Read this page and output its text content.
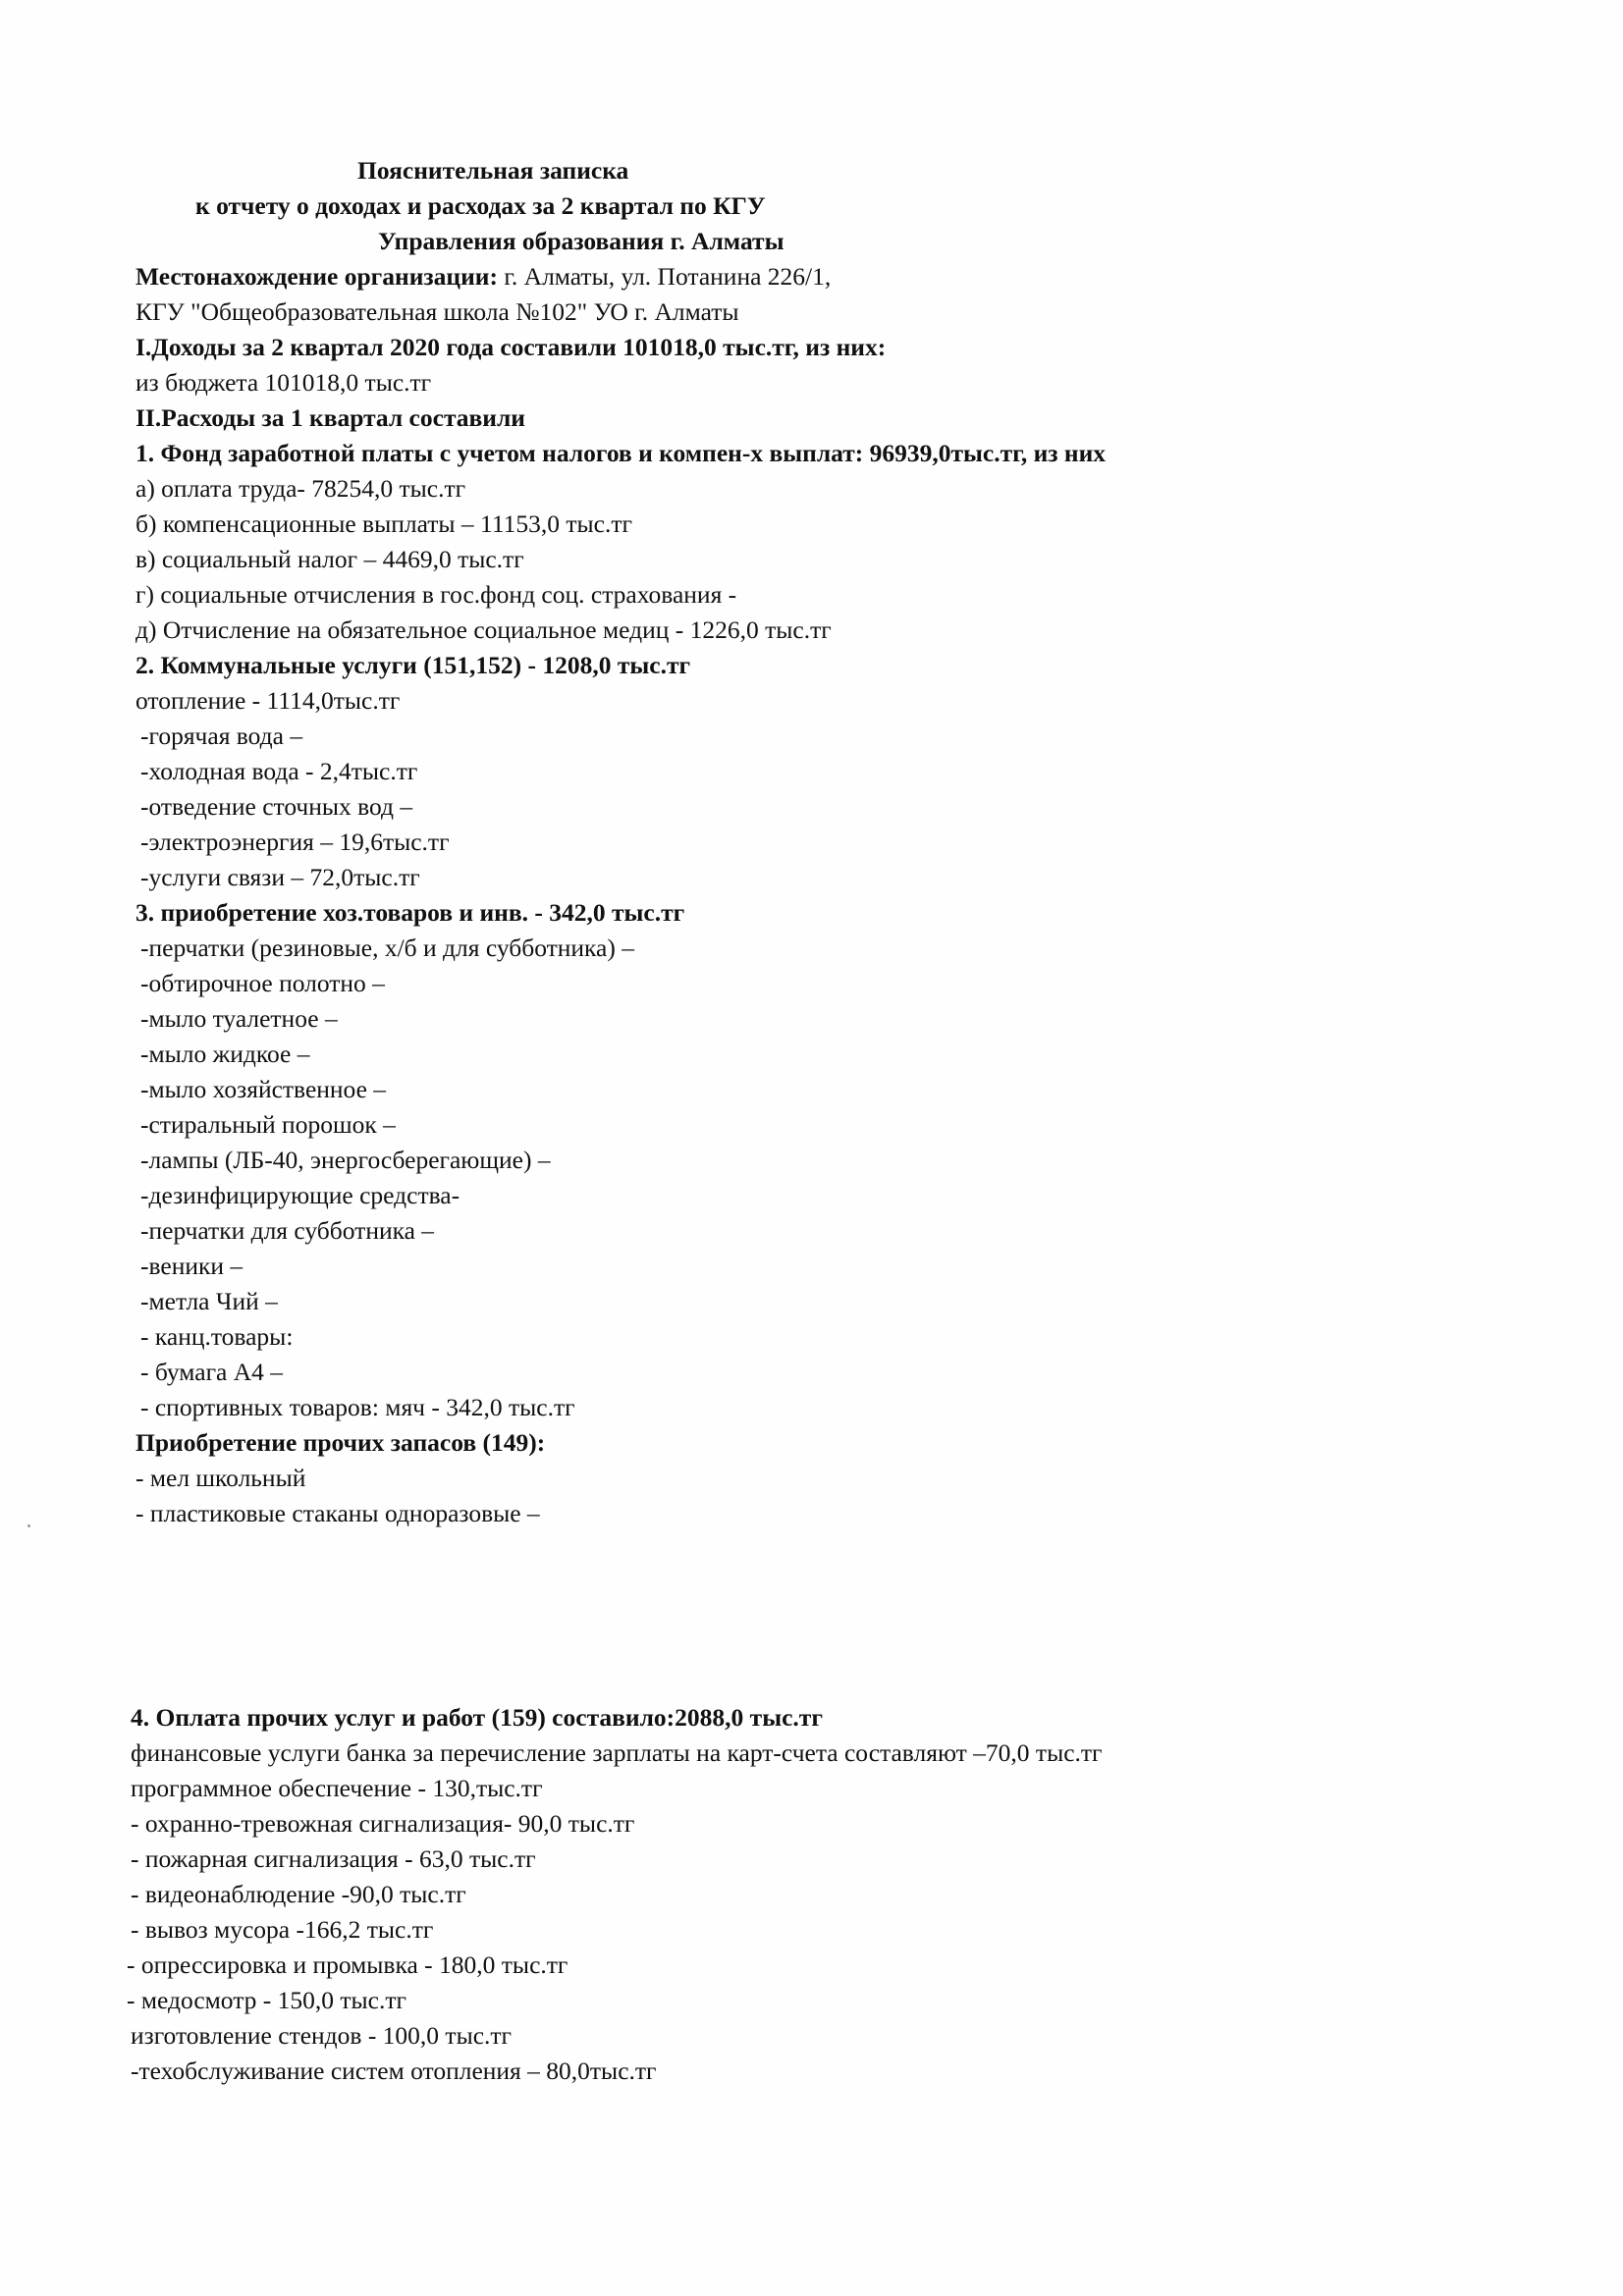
Пояснительная записка
к отчету о доходах и расходах за 2 квартал по КГУ
Управления образования г. Алматы
Местонахождение организации: г. Алматы, ул. Потанина 226/1,
КГУ "Общеобразовательная школа №102" УО г. Алматы
I.Доходы за 2 квартал 2020 года составили 101018,0 тыс.тг, из них:
из бюджета 101018,0 тыс.тг
II.Расходы за 1 квартал составили
1. Фонд заработной платы с учетом налогов и компен-х выплат: 96939,0тыс.тг, из них
а) оплата труда- 78254,0 тыс.тг
б) компенсационные выплаты – 11153,0 тыс.тг
в) социальный налог – 4469,0 тыс.тг
г) социальные отчисления в гос.фонд соц. страхования -
д) Отчисление на обязательное социальное медиц - 1226,0 тыс.тг
2. Коммунальные услуги (151,152) - 1208,0 тыс.тг
отопление - 1114,0тыс.тг
-горячая вода –
-холодная вода - 2,4тыс.тг
-отведение сточных вод –
-электроэнергия – 19,6тыс.тг
-услуги связи – 72,0тыс.тг
3. приобретение хоз.товаров и инв. - 342,0 тыс.тг
-перчатки (резиновые, х/б и для субботника) –
-обтирочное полотно –
-мыло туалетное –
-мыло жидкое –
-мыло хозяйственное –
-стиральный порошок –
-лампы (ЛБ-40, энергосберегающие) –
-дезинфицирующие средства-
-перчатки для субботника –
-веники –
-метла Чий –
- канц.товары:
- бумага А4 –
- спортивных товаров: мяч - 342,0 тыс.тг
Приобретение прочих запасов (149):
- мел школьный
- пластиковые стаканы одноразовые –
4. Оплата прочих услуг и работ (159) составило:2088,0 тыс.тг
финансовые услуги банка за перечисление зарплаты на карт-счета составляют –70,0 тыс.тг
программное обеспечение - 130,тыс.тг
- охранно-тревожная сигнализация- 90,0 тыс.тг
- пожарная сигнализация - 63,0 тыс.тг
- видеонаблюдение -90,0 тыс.тг
- вывоз мусора -166,2 тыс.тг
- опрессировка и промывка - 180,0 тыс.тг
- медосмотр - 150,0 тыс.тг
изготовление стендов - 100,0 тыс.тг
-техобслуживание систем отопления – 80,0тыс.тг
